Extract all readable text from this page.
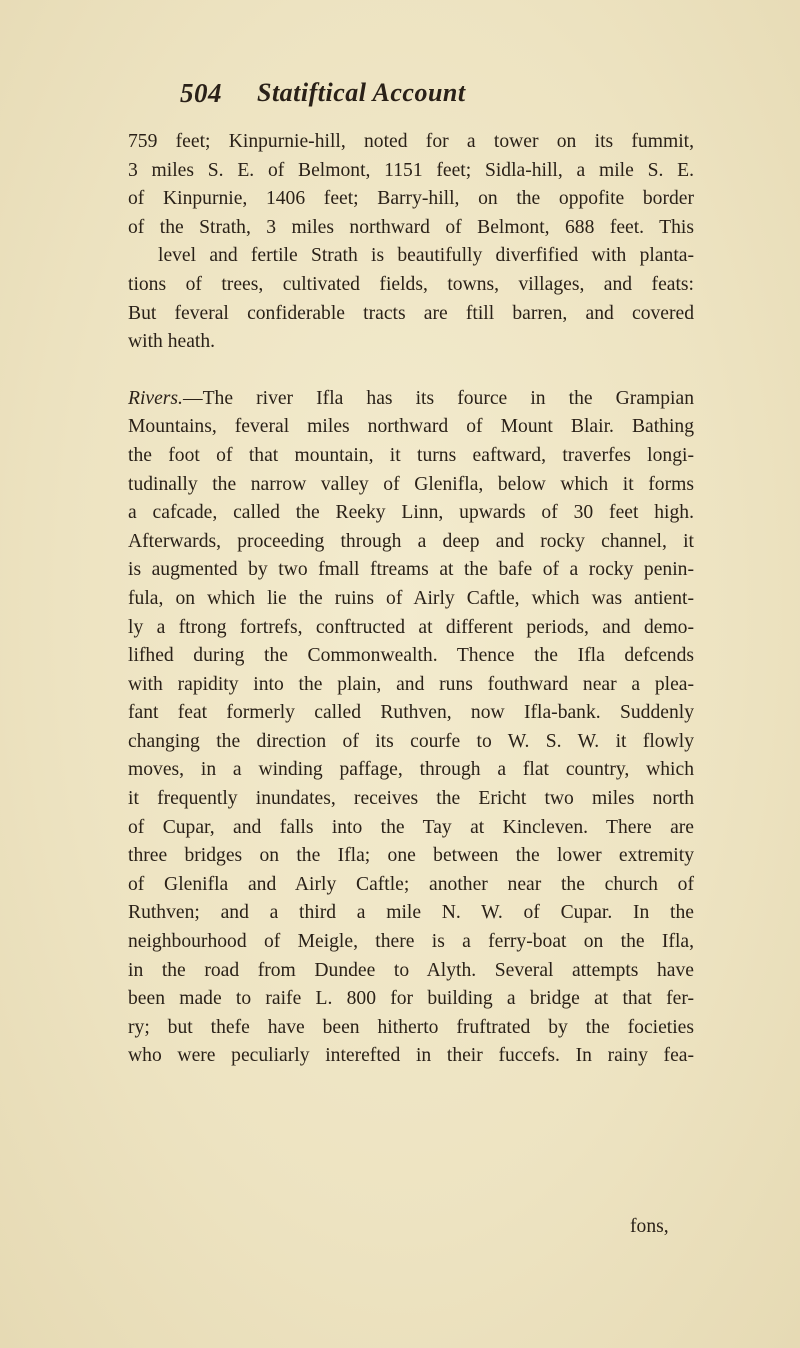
504 Statiftical Account
759 feet; Kinpurnie-hill, noted for a tower on its fummit,
3 miles S. E. of Belmont, 1151 feet; Sidla-hill, a mile S. E.
of Kinpurnie, 1406 feet; Barry-hill, on the oppofite border
of the Strath, 3 miles northward of Belmont, 688 feet. This
level and fertile Strath is beautifully diverfified with planta-
tions of trees, cultivated fields, towns, villages, and feats:
But feveral confiderable tracts are ftill barren, and covered
with heath.
Rivers.—The river Ifla has its fource in the Grampian
Mountains, feveral miles northward of Mount Blair. Bathing
the foot of that mountain, it turns eaftward, traverfes longi-
tudinally the narrow valley of Glenifla, below which it forms
a cafcade, called the Reeky Linn, upwards of 30 feet high.
Afterwards, proceeding through a deep and rocky channel, it
is augmented by two fmall ftreams at the bafe of a rocky penin-
fula, on which lie the ruins of Airly Caftle, which was antient-
ly a ftrong fortrefs, conftructed at different periods, and demo-
lifhed during the Commonwealth. Thence the Ifla defcends
with rapidity into the plain, and runs fouthward near a plea-
fant feat formerly called Ruthven, now Ifla-bank. Suddenly
changing the direction of its courfe to W. S. W. it flowly
moves, in a winding paffage, through a flat country, which
it frequently inundates, receives the Ericht two miles north
of Cupar, and falls into the Tay at Kincleven. There are
three bridges on the Ifla; one between the lower extremity
of Glenifla and Airly Caftle; another near the church of
Ruthven; and a third a mile N. W. of Cupar. In the
neighbourhood of Meigle, there is a ferry-boat on the Ifla,
in the road from Dundee to Alyth. Several attempts have
been made to raife L. 800 for building a bridge at that fer-
ry; but thefe have been hitherto fruftrated by the focieties
who were peculiarly interefted in their fuccefs. In rainy fea-
fons,
